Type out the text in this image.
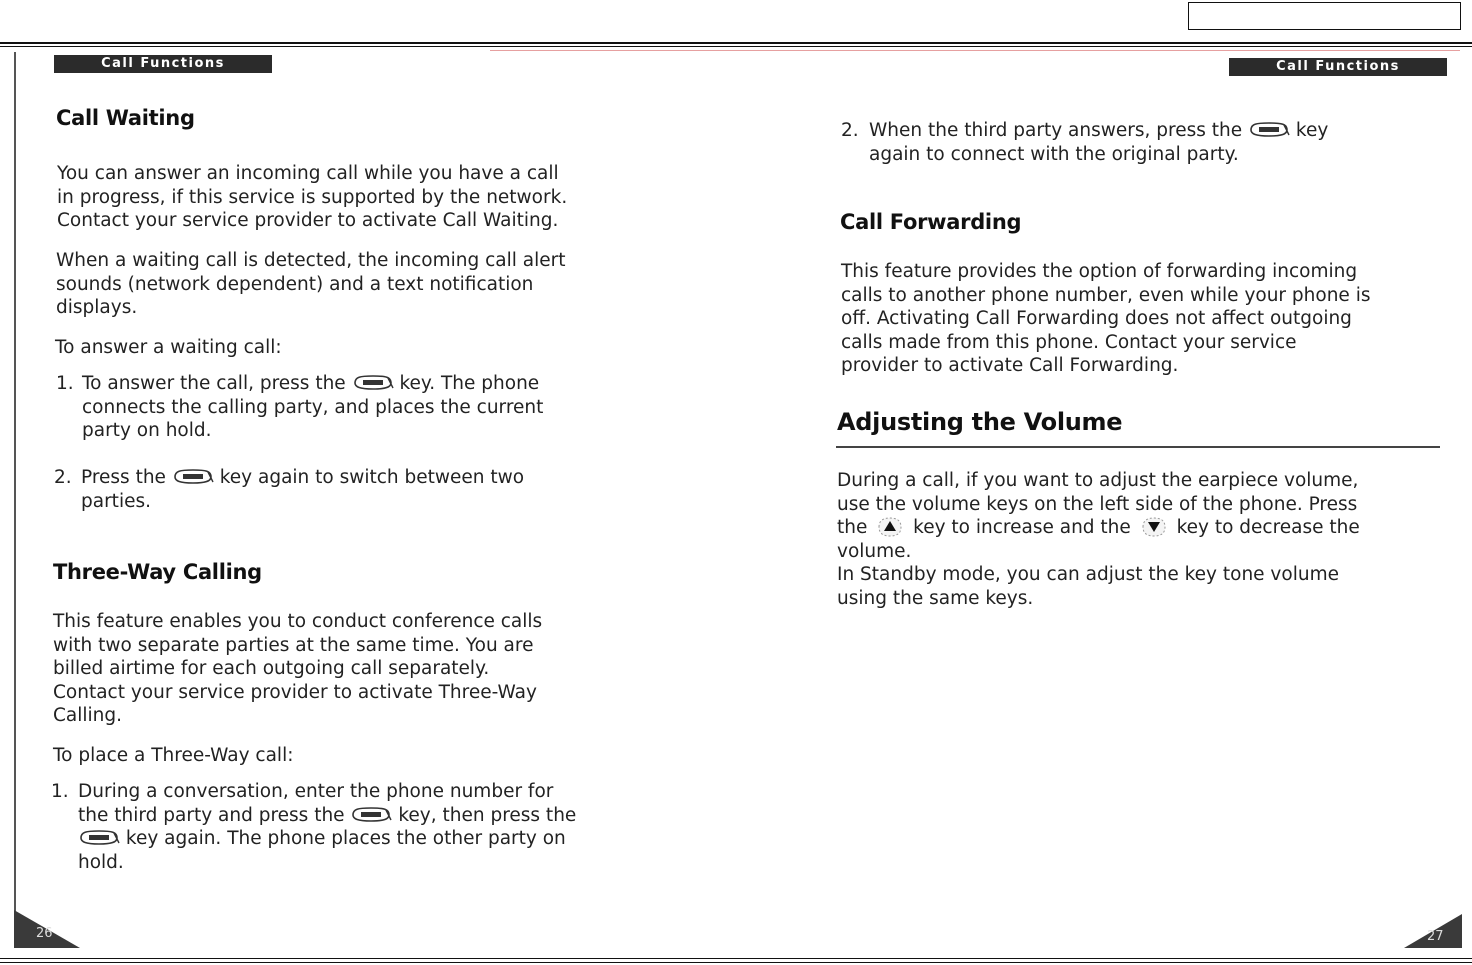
Call Functions	Call Functions
Call Waiting
You can answer an incoming call while you have a call
in progress, if this service is supported by the network.
Contact your service provider to activate Call Waiting.
When a waiting call is detected, the incoming call alert
sounds (network dependent) and a text notification
displays.
To answer a waiting call:
1. To answer the call, press the	key. The phone
connects the calling party, and places the current
party on hold.
2. Press the	key again to switch between two
parties.
Three-Way Calling
This feature enables you to conduct conference calls
with two separate parties at the same time. You are
billed airtime for each outgoing call separately.
Contact your service provider to activate Three-Way
Calling.
To place a Three-Way call:
1. During a conversation, enter the phone number for
the third party and press the	key, then press the
key again. The phone places the other party on
hold.
26
2. When the third party answers, press the	key
again to connect with the original party.
Call Forwarding
This feature provides the option of forwarding incoming
calls to another phone number, even while your phone is
off. Activating Call Forwarding does not affect outgoing
calls made from this phone. Contact your service
provider to activate Call Forwarding.
Adjusting the Volume
During a call, if you want to adjust the earpiece volume,
use the volume keys on the left side of the phone. Press
the key to increase and the key to decrease the
volume.
In Standby mode, you can adjust the key tone volume
using the same keys.
27
